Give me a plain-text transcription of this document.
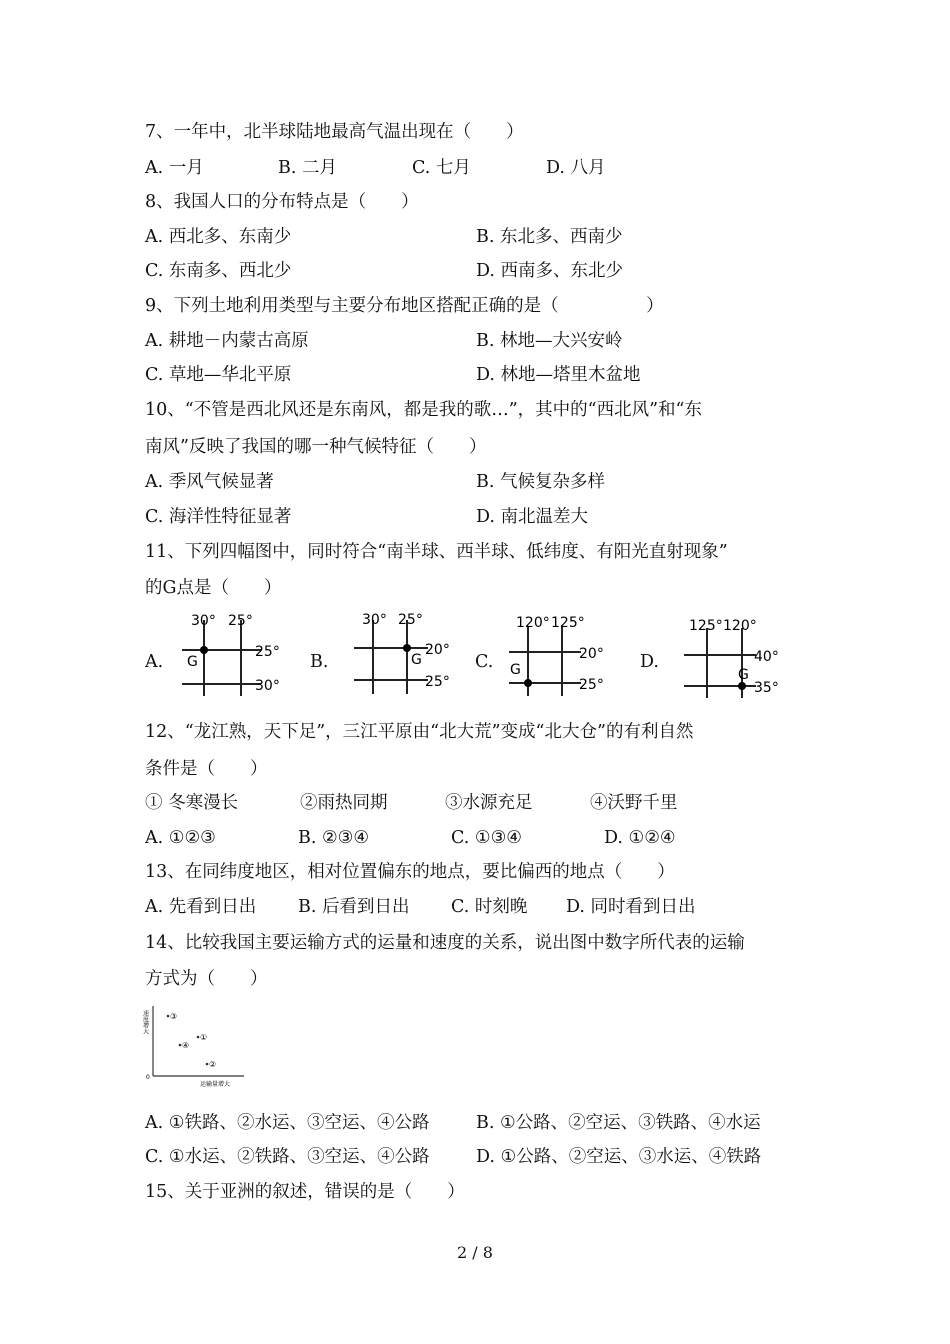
7、一年中，北半球陆地最高气温出现在（　　）
A. 一月	B. 二月	C. 七月	D. 八月
8、我国人口的分布特点是（　　）
A. 西北多、东南少	B. 东北多、西南少
C. 东南多、西北少	D. 西南多、东北少
9、下列土地利用类型与主要分布地区搭配正确的是（　　　　　）
A. 耕地－内蒙古高原	B. 林地—大兴安岭
C. 草地—华北平原	D. 林地—塔里木盆地
10、“不管是西北风还是东南风，都是我的歌…”，其中的“西北风”和“东
南风”反映了我国的哪一种气候特征（　　）
A. 季风气候显著	B. 气候复杂多样
C. 海洋性特征显著	D. 南北温差大
11、下列四幅图中，同时符合“南半球、西半球、低纬度、有阳光直射现象”
的G点是（　　）
A.	B.	C.	D.
30° 25°
25°
30°
G
30° 25°
20°
25°
G
120° 125°
20°
25°
G
125° 120°
40°
35°
G
12、“龙江熟，天下足”，三江平原由“北大荒”变成“北大仓”的有利自然
条件是（　　）
① 冬寒漫长	②雨热同期	③水源充足	④沃野千里
A. ①②③	B. ②③④	C. ①③④	D. ①②④
13、在同纬度地区，相对位置偏东的地点，要比偏西的地点（　　）
A. 先看到日出 B. 后看到日出 C. 时刻晚 D. 同时看到日出
14、比较我国主要运输方式的运量和速度的关系，说出图中数字所代表的运输
方式为（　　）
速度增大
运输量增大
0
③
①
④
②
A. ①铁路、②水运、③空运、④公路	B. ①公路、②空运、③铁路、④水运
C. ①水运、②铁路、③空运、④公路	D. ①公路、②空运、③水运、④铁路
15、关于亚洲的叙述，错误的是（　　）
2 / 8
